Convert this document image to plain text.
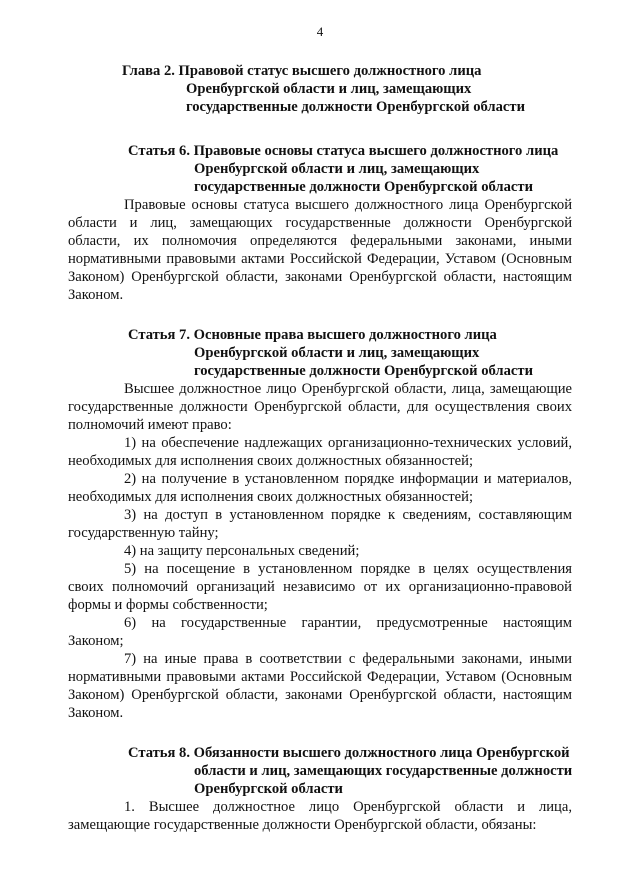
4
Глава 2. Правовой статус высшего должностного лица
Оренбургской области и лиц, замещающих
государственные должности Оренбургской области
Статья 6. Правовые основы статуса высшего должностного лица
Оренбургской области и лиц, замещающих
государственные должности Оренбургской области
Правовые основы статуса высшего должностного лица Оренбургской области и лиц, замещающих государственные должности Оренбургской области, их полномочия определяются федеральными законами, иными нормативными правовыми актами Российской Федерации, Уставом (Основным Законом) Оренбургской области, законами Оренбургской области, настоящим Законом.
Статья 7. Основные права высшего должностного лица
Оренбургской области и лиц, замещающих
государственные должности Оренбургской области
Высшее должностное лицо Оренбургской области, лица, замещающие государственные должности Оренбургской области, для осуществления своих полномочий имеют право:
1) на обеспечение надлежащих организационно-технических условий, необходимых для исполнения своих должностных обязанностей;
2) на получение в установленном порядке информации и материалов, необходимых для исполнения своих должностных обязанностей;
3) на доступ в установленном порядке к сведениям, составляющим государственную тайну;
4) на защиту персональных сведений;
5) на посещение в установленном порядке в целях осуществления своих полномочий организаций независимо от их организационно-правовой формы и формы собственности;
6) на государственные гарантии, предусмотренные настоящим Законом;
7) на иные права в соответствии с федеральными законами, иными нормативными правовыми актами Российской Федерации, Уставом (Основным Законом) Оренбургской области, законами Оренбургской области, настоящим Законом.
Статья 8. Обязанности высшего должностного лица Оренбургской
области и лиц, замещающих государственные должности
Оренбургской области
1. Высшее должностное лицо Оренбургской области и лица, замещающие государственные должности Оренбургской области, обязаны:
